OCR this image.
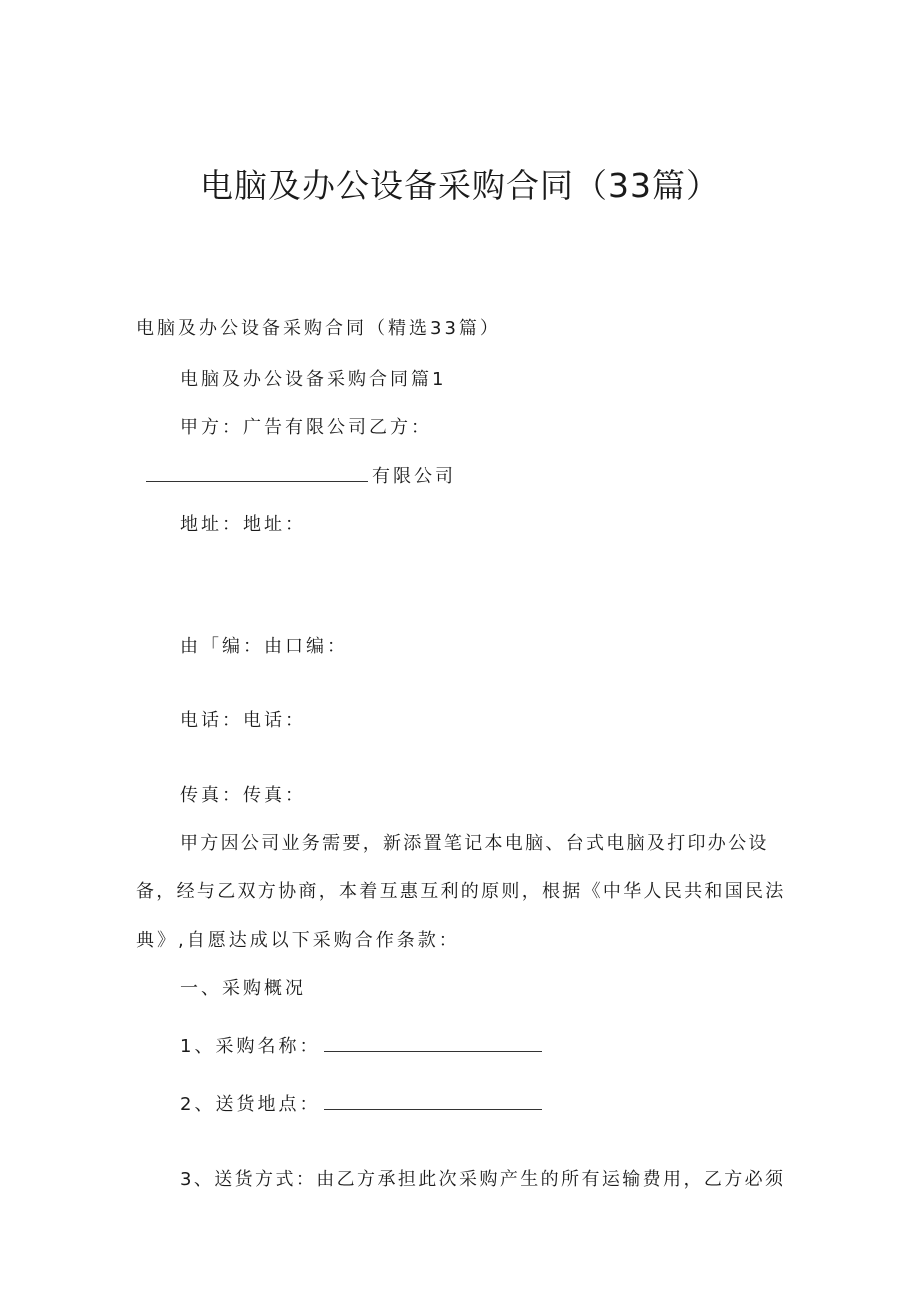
电脑及办公设备采购合同（33篇）
电脑及办公设备采购合同（精选33篇）
电脑及办公设备采购合同篇1
甲方：广告有限公司乙方：
有限公司
地址：地址：
由「编：由口编：
电话：电话：
传真：传真：
甲方因公司业务需要，新添置笔记本电脑、台式电脑及打印办公设
备，经与乙双方协商，本着互惠互利的原则，根据《中华人民共和国民法
典》,自愿达成以下采购合作条款：
一、采购概况
1、采购名称：
2、送货地点：
3、送货方式：由乙方承担此次采购产生的所有运输费用，乙方必须
